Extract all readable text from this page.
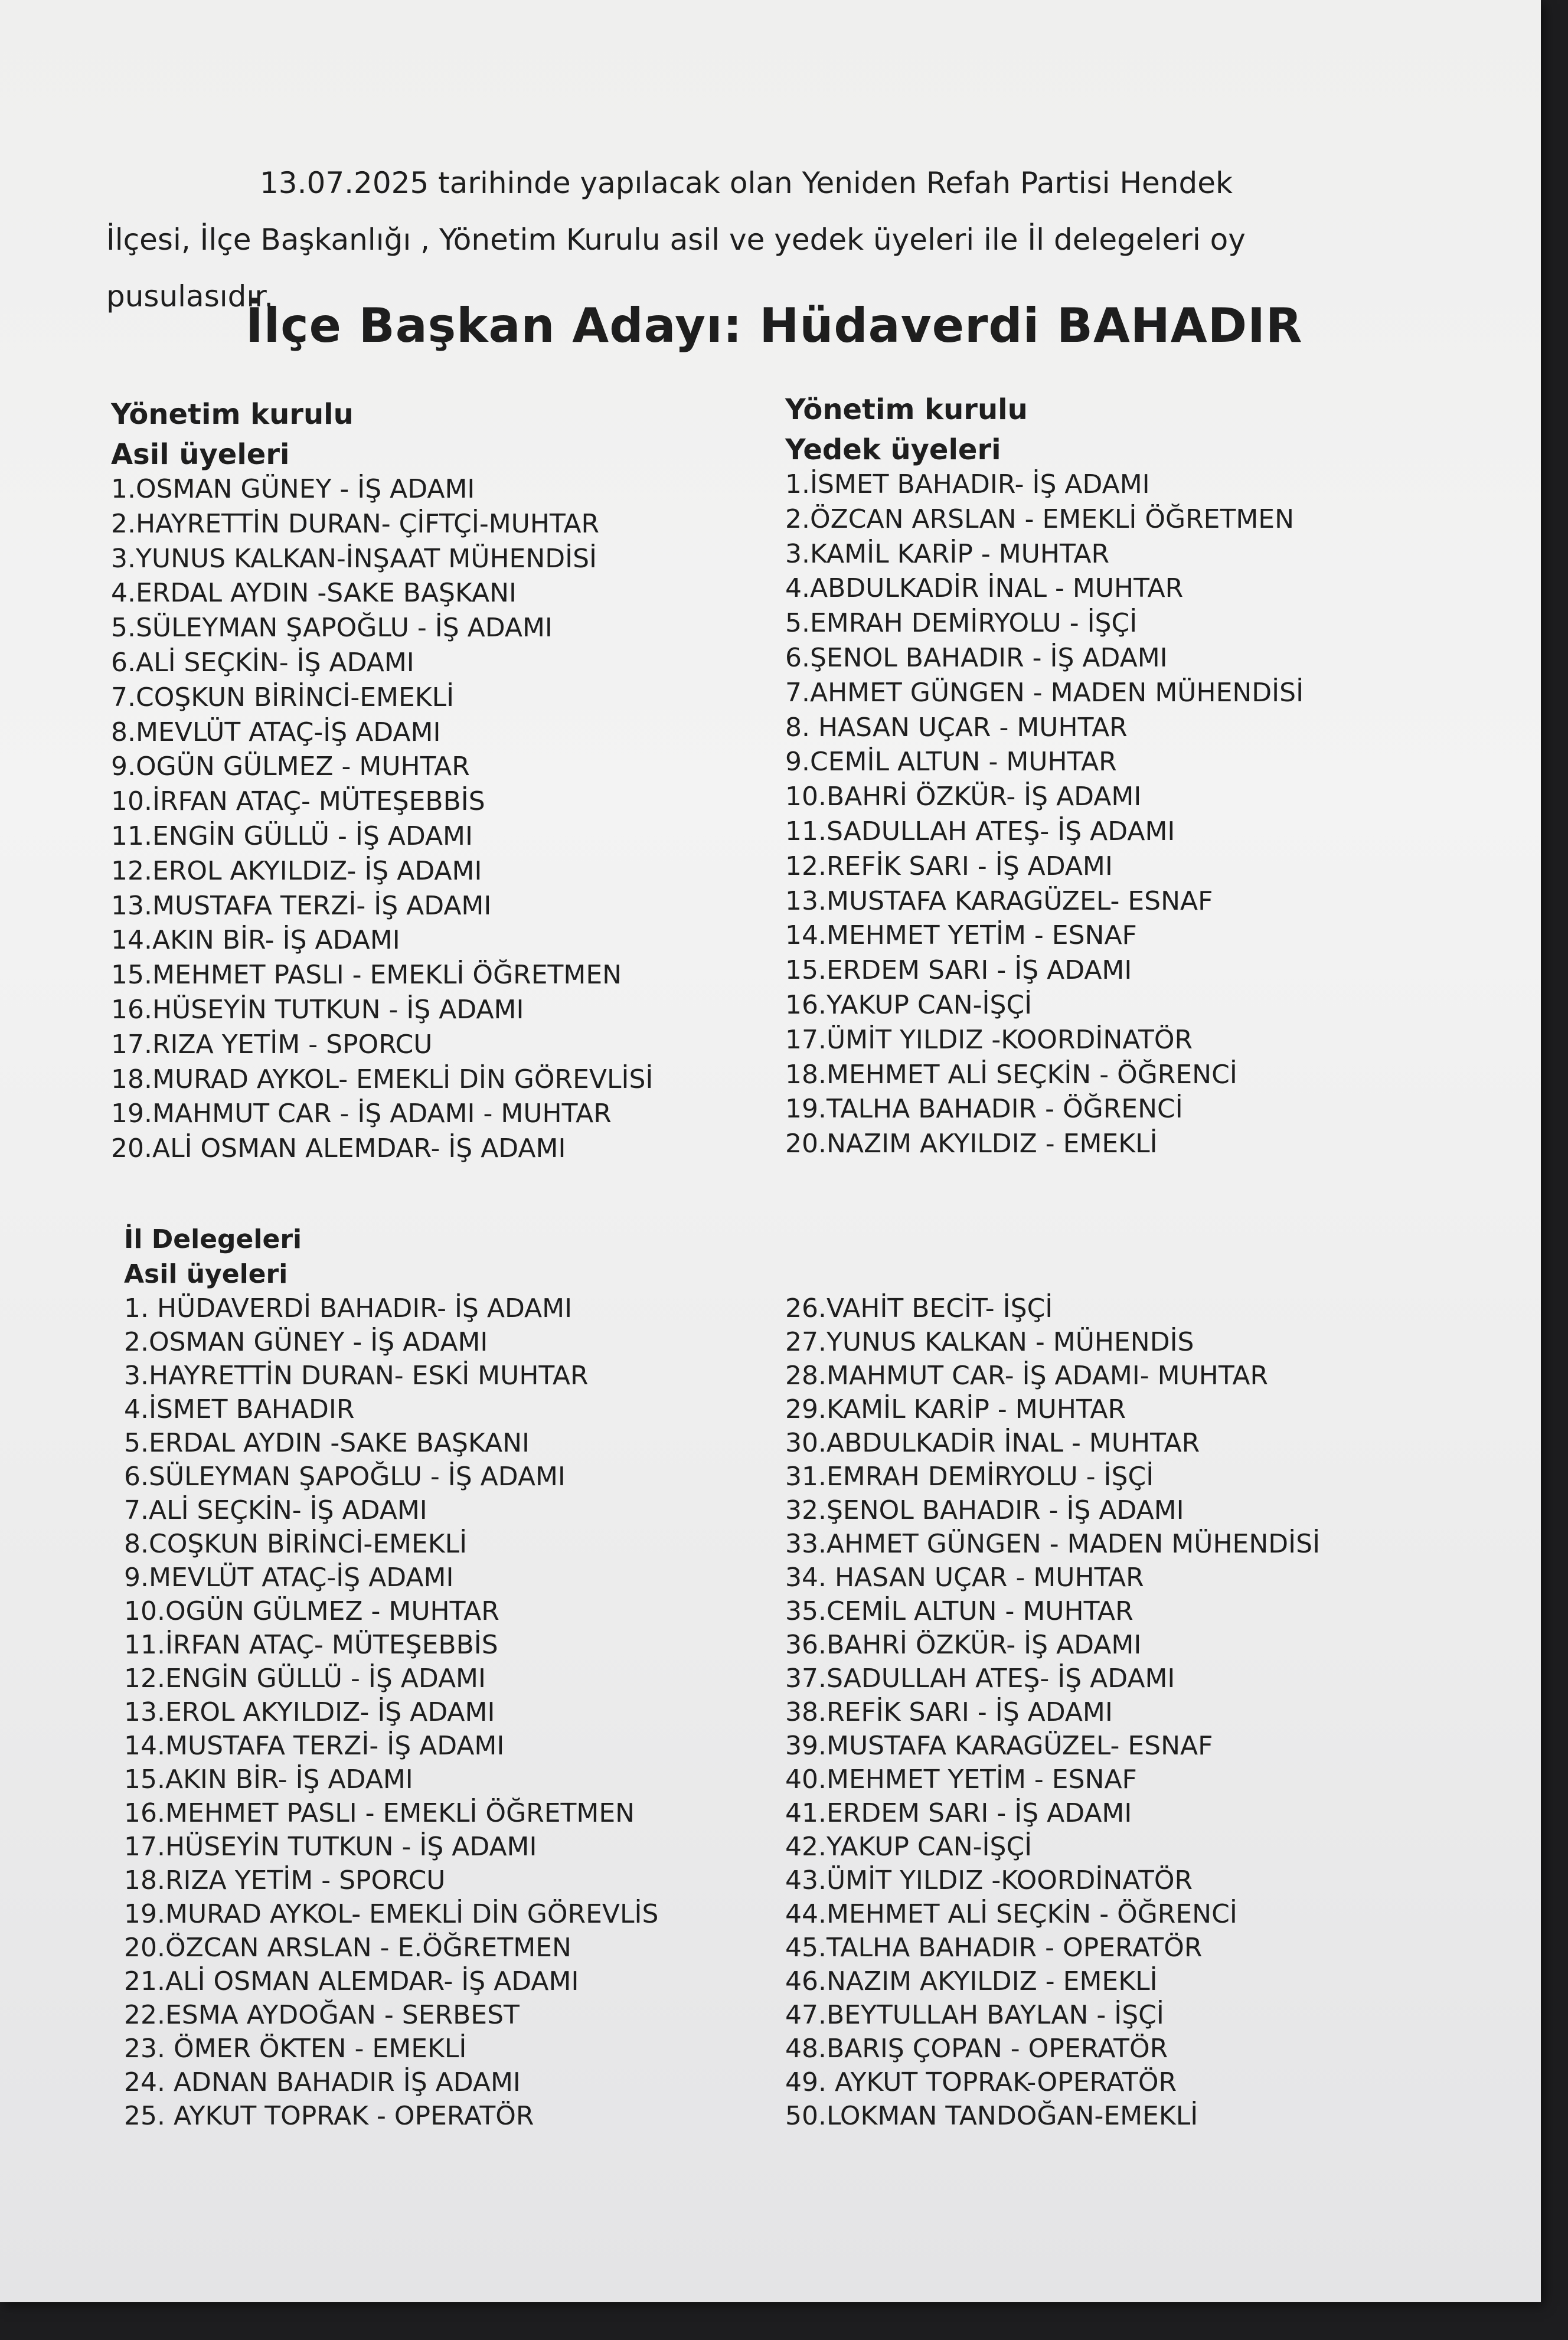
13.07.2025 tarihinde yapılacak olan Yeniden Refah Partisi Hendek İlçesi, İlçe Başkanlığı , Yönetim Kurulu asil ve yedek üyeleri ile İl delegeleri oy pusulasıdır.
İlçe Başkan Adayı: Hüdaverdi BAHADIR
Yönetim kurulu
Asil üyeleri
1.OSMAN GÜNEY - İŞ ADAMI
2.HAYRETTİN DURAN- ÇİFTÇİ-MUHTAR
3.YUNUS KALKAN-İNŞAAT MÜHENDİSİ
4.ERDAL AYDIN -SAKE BAŞKANI
5.SÜLEYMAN ŞAPOĞLU - İŞ ADAMI
6.ALİ SEÇKİN- İŞ ADAMI
7.COŞKUN BİRİNCİ-EMEKLİ
8.MEVLÜT ATAÇ-İŞ ADAMI
9.OGÜN GÜLMEZ - MUHTAR
10.İRFAN ATAÇ- MÜTEŞEBBİS
11.ENGİN GÜLLÜ - İŞ ADAMI
12.EROL AKYILDIZ- İŞ ADAMI
13.MUSTAFA TERZİ- İŞ ADAMI
14.AKIN BİR- İŞ ADAMI
15.MEHMET PASLI - EMEKLİ ÖĞRETMEN
16.HÜSEYİN TUTKUN - İŞ ADAMI
17.RIZA YETİM - SPORCU
18.MURAD AYKOL- EMEKLİ DİN GÖREVLİSİ
19.MAHMUT CAR - İŞ ADAMI - MUHTAR
20.ALİ OSMAN ALEMDAR- İŞ ADAMI
Yönetim kurulu
Yedek üyeleri
1.İSMET BAHADIR- İŞ ADAMI
2.ÖZCAN ARSLAN - EMEKLİ ÖĞRETMEN
3.KAMİL KARİP - MUHTAR
4.ABDULKADİR İNAL - MUHTAR
5.EMRAH DEMİRYOLU - İŞÇİ
6.ŞENOL BAHADIR - İŞ ADAMI
7.AHMET GÜNGEN - MADEN MÜHENDİSİ
8. HASAN UÇAR - MUHTAR
9.CEMİL ALTUN - MUHTAR
10.BAHRİ ÖZKÜR- İŞ ADAMI
11.SADULLAH ATEŞ- İŞ ADAMI
12.REFİK SARI - İŞ ADAMI
13.MUSTAFA KARAGÜZEL- ESNAF
14.MEHMET YETİM - ESNAF
15.ERDEM SARI - İŞ ADAMI
16.YAKUP CAN-İŞÇİ
17.ÜMİT YILDIZ -KOORDİNATÖR
18.MEHMET ALİ SEÇKİN - ÖĞRENCİ
19.TALHA BAHADIR - ÖĞRENCİ
20.NAZIM AKYILDIZ - EMEKLİ
İl Delegeleri
Asil üyeleri
1. HÜDAVERDİ BAHADIR- İŞ ADAMI
2.OSMAN GÜNEY - İŞ ADAMI
3.HAYRETTİN DURAN- ESKİ MUHTAR
4.İSMET BAHADIR
5.ERDAL AYDIN -SAKE BAŞKANI
6.SÜLEYMAN ŞAPOĞLU - İŞ ADAMI
7.ALİ SEÇKİN- İŞ ADAMI
8.COŞKUN BİRİNCİ-EMEKLİ
9.MEVLÜT ATAÇ-İŞ ADAMI
10.OGÜN GÜLMEZ - MUHTAR
11.İRFAN ATAÇ- MÜTEŞEBBİS
12.ENGİN GÜLLÜ - İŞ ADAMI
13.EROL AKYILDIZ- İŞ ADAMI
14.MUSTAFA TERZİ- İŞ ADAMI
15.AKIN BİR- İŞ ADAMI
16.MEHMET PASLI - EMEKLİ ÖĞRETMEN
17.HÜSEYİN TUTKUN - İŞ ADAMI
18.RIZA YETİM - SPORCU
19.MURAD AYKOL- EMEKLİ DİN GÖREVLİS
20.ÖZCAN ARSLAN - E.ÖĞRETMEN
21.ALİ OSMAN ALEMDAR- İŞ ADAMI
22.ESMA AYDOĞAN - SERBEST
23. ÖMER ÖKTEN - EMEKLİ
24. ADNAN BAHADIR İŞ ADAMI
25. AYKUT TOPRAK - OPERATÖR
26.VAHİT BECİT- İŞÇİ
27.YUNUS KALKAN - MÜHENDİS
28.MAHMUT CAR- İŞ ADAMI- MUHTAR
29.KAMİL KARİP - MUHTAR
30.ABDULKADİR İNAL - MUHTAR
31.EMRAH DEMİRYOLU - İŞÇİ
32.ŞENOL BAHADIR - İŞ ADAMI
33.AHMET GÜNGEN - MADEN MÜHENDİSİ
34. HASAN UÇAR - MUHTAR
35.CEMİL ALTUN - MUHTAR
36.BAHRİ ÖZKÜR- İŞ ADAMI
37.SADULLAH ATEŞ- İŞ ADAMI
38.REFİK SARI - İŞ ADAMI
39.MUSTAFA KARAGÜZEL- ESNAF
40.MEHMET YETİM - ESNAF
41.ERDEM SARI - İŞ ADAMI
42.YAKUP CAN-İŞÇİ
43.ÜMİT YILDIZ -KOORDİNATÖR
44.MEHMET ALİ SEÇKİN - ÖĞRENCİ
45.TALHA BAHADIR - OPERATÖR
46.NAZIM AKYILDIZ - EMEKLİ
47.BEYTULLAH BAYLAN - İŞÇİ
48.BARIŞ ÇOPAN - OPERATÖR
49. AYKUT TOPRAK-OPERATÖR
50.LOKMAN TANDOĞAN-EMEKLİ
